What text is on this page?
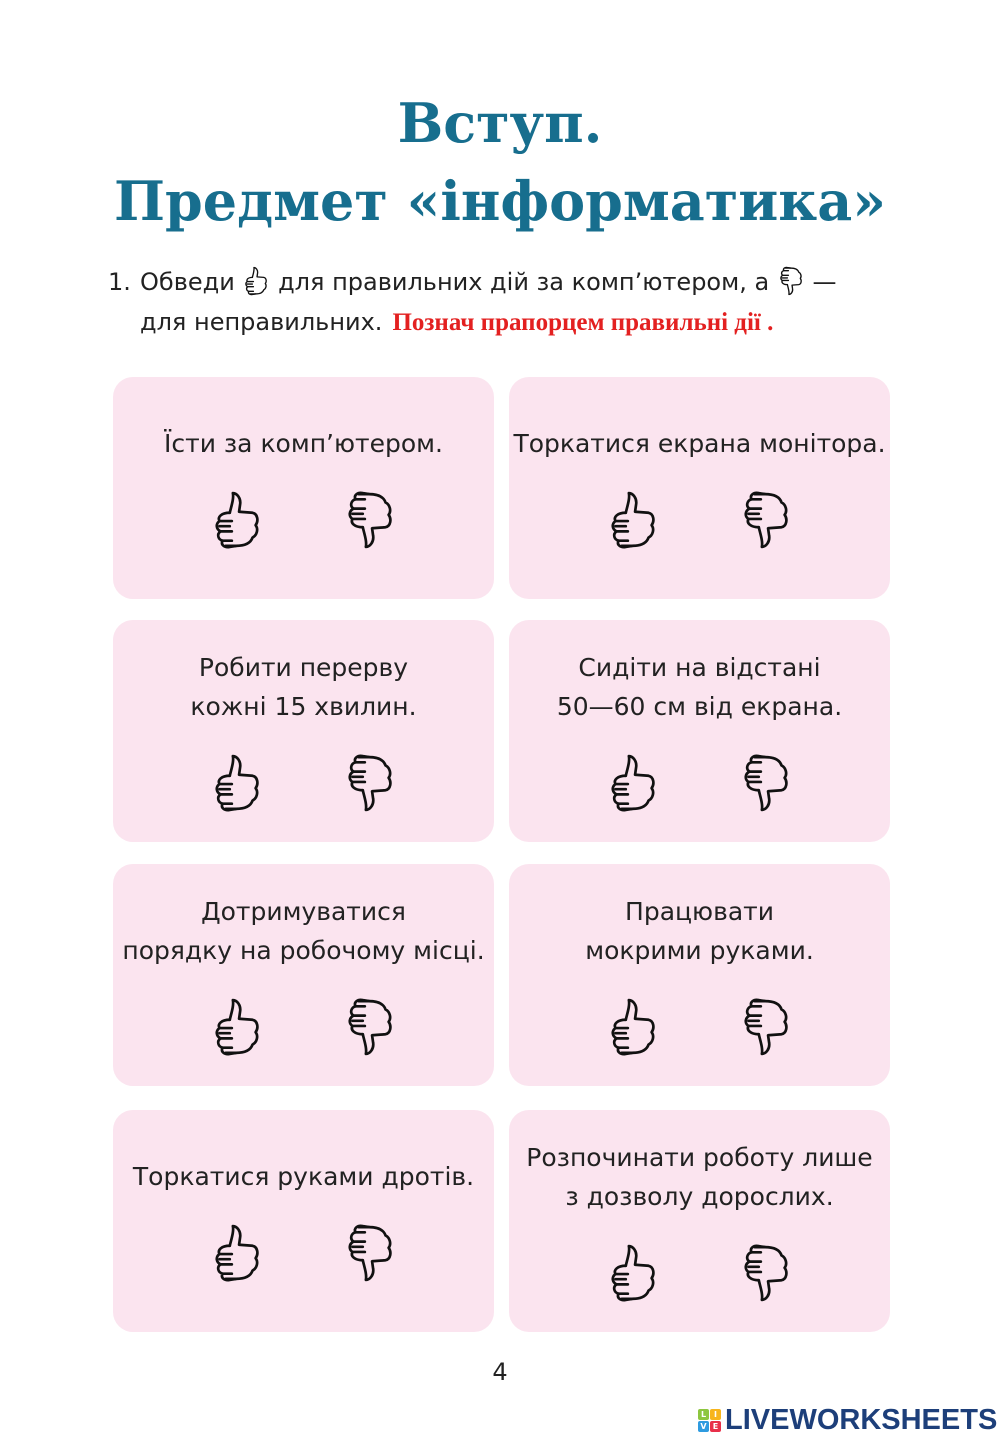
Вступ.
Предмет «інформатика»
1. Обведи для правильних дій за комп’ютером, а —
для неправильних. Познач прапорцем правильні дії .
Їсти за комп’ютером.	Торкатися екрана монітора.
Робити перерву
кожні 15 хвилин.
Сидіти на відстані
50—60 см від екрана.
Дотримуватися
порядку на робочому місці.
Працювати
мокрими руками.
Торкатися руками дротів.
Розпочинати роботу лише
з дозволу дорослих.
4
L I
V E LIVEWORKSHEETS
